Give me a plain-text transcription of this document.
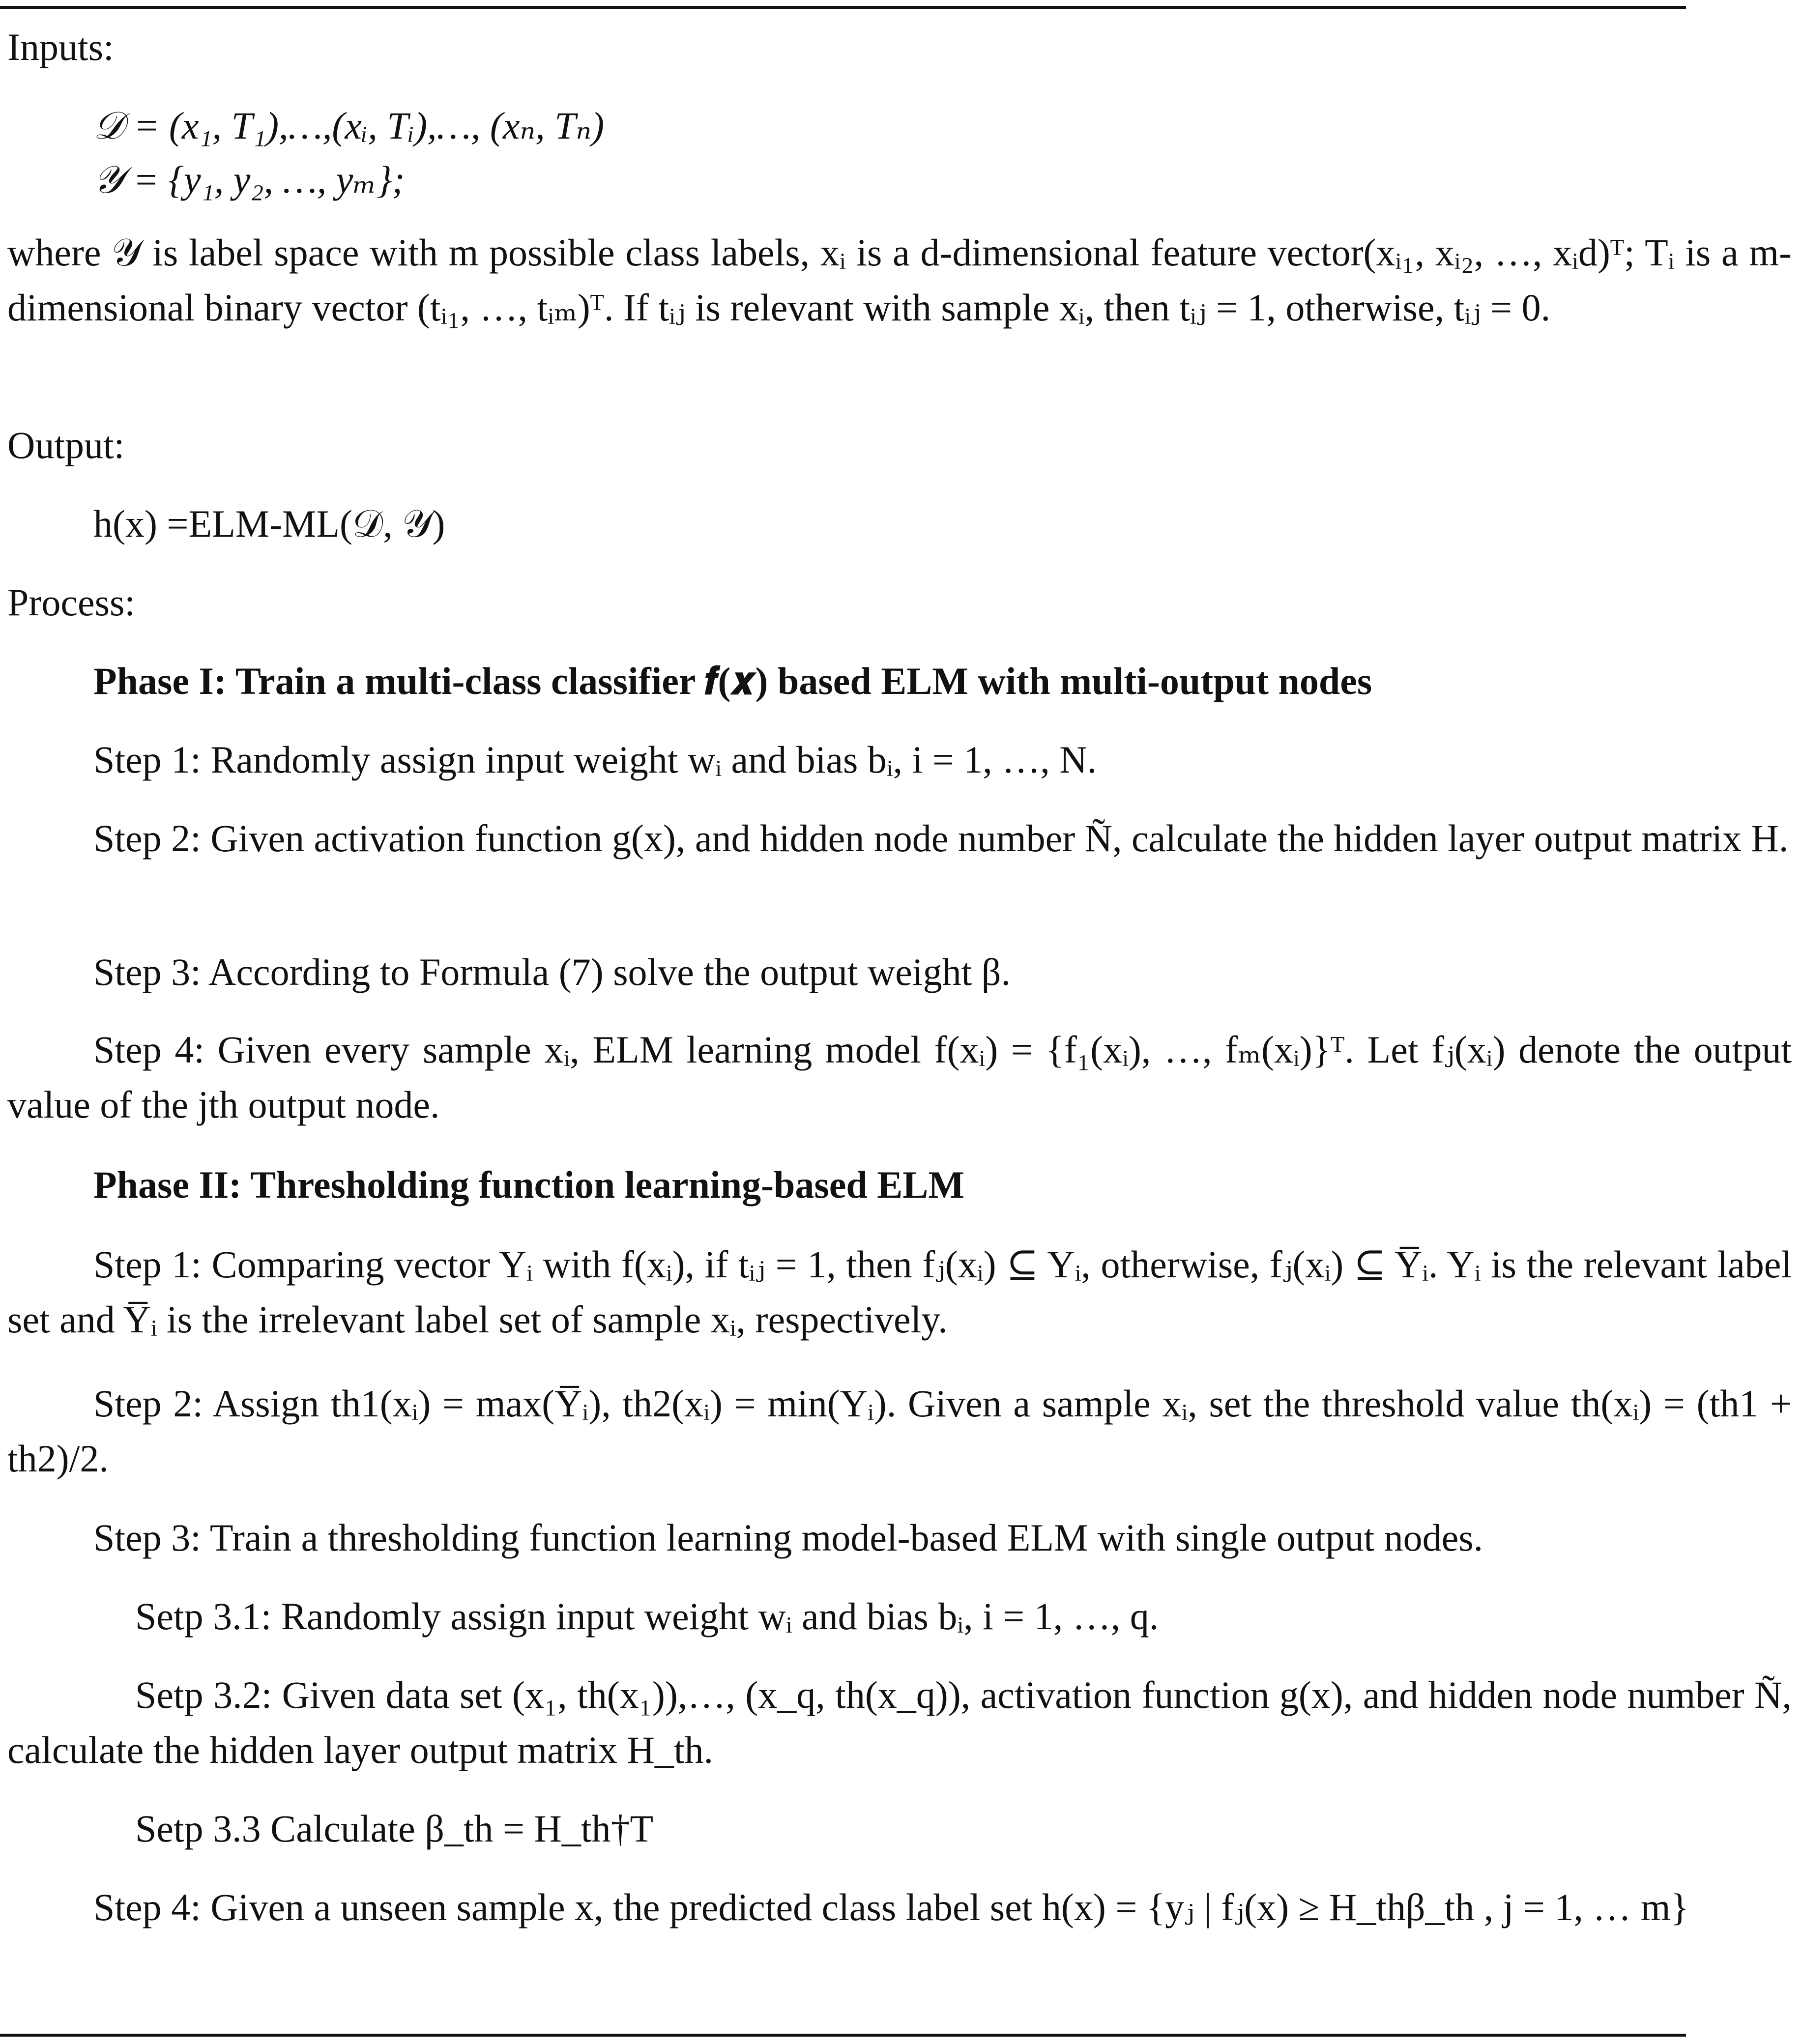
Inputs:
𝒟 = (x₁, T₁),…,(xᵢ, Tᵢ),…, (xₙ, Tₙ)
𝒴 = {y₁, y₂, …, yₘ};
where 𝒴 is label space with m possible class labels, xᵢ is a d-dimensional feature vector(xᵢ₁, xᵢ₂, …, xᵢd)ᵀ; Tᵢ is a m-dimensional binary vector (tᵢ₁, …, tᵢₘ)ᵀ. If tᵢⱼ is relevant with sample xᵢ, then tᵢⱼ = 1, otherwise, tᵢⱼ = 0.
Output:
h(x) =ELM-ML(𝒟, 𝒴)
Process:
Phase I: Train a multi-class classifier 𝒇(𝒙) based ELM with multi-output nodes
Step 1: Randomly assign input weight wᵢ and bias bᵢ, i = 1, …, N.
Step 2: Given activation function g(x), and hidden node number Ñ, calculate the hidden layer output matrix H.
Step 3: According to Formula (7) solve the output weight β.
Step 4: Given every sample xᵢ, ELM learning model f(xᵢ) = {f₁(xᵢ), …, fₘ(xᵢ)}ᵀ. Let fⱼ(xᵢ) denote the output value of the jth output node.
Phase II: Thresholding function learning-based ELM
Step 1: Comparing vector Yᵢ with f(xᵢ), if tᵢⱼ = 1, then fⱼ(xᵢ) ⊆ Yᵢ, otherwise, fⱼ(xᵢ) ⊆ Y̅ᵢ. Yᵢ is the relevant label set and Y̅ᵢ is the irrelevant label set of sample xᵢ, respectively.
Step 2: Assign th1(xᵢ) = max(Y̅ᵢ), th2(xᵢ) = min(Yᵢ). Given a sample xᵢ, set the threshold value th(xᵢ) = (th1 + th2)/2.
Step 3: Train a thresholding function learning model-based ELM with single output nodes.
Setp 3.1: Randomly assign input weight wᵢ and bias bᵢ, i = 1, …, q.
Setp 3.2: Given data set (x₁, th(x₁)),…, (x_q, th(x_q)), activation function g(x), and hidden node number Ñ, calculate the hidden layer output matrix H_th.
Setp 3.3 Calculate β_th = H_th†T
Step 4: Given a unseen sample x, the predicted class label set h(x) = {yⱼ | fⱼ(x) ≥ H_thβ_th , j = 1, … m}
